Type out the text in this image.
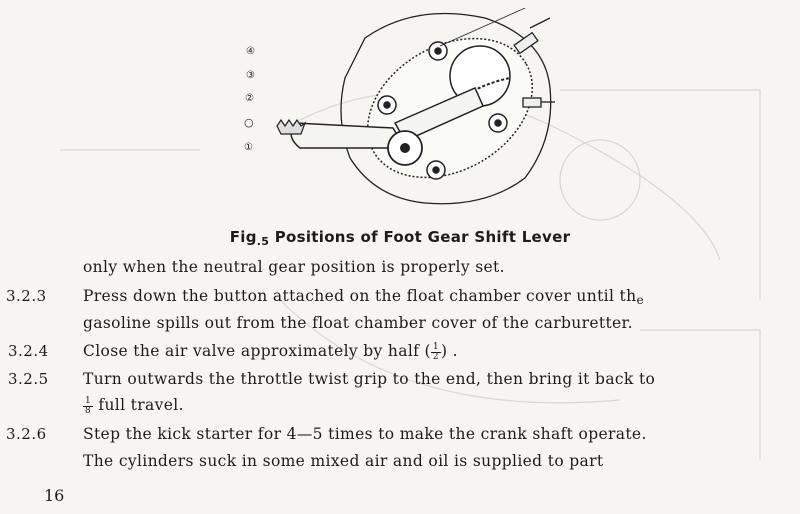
④
③
②
○
①
Fig$_{.5}$ Positions of Foot Gear Shift Lever
only when the neutral gear position is properly set.
3.2.3 Press down the button attached on the float chamber cover until the
gasoline spills out from the float chamber cover of the carburetter.
3.2.4 Close the air valve approximately by half ( $\frac{1}{2}$ ) .
3.2.5 Turn outwards the throttle twist grip to the end, then bring it back to
$\frac{1}{8}$ full travel.
3.2.6 Step the kick starter for 4—5 times to make the crank shaft operate.
The cylinders suck in some mixed air and oil is supplied to part
16
